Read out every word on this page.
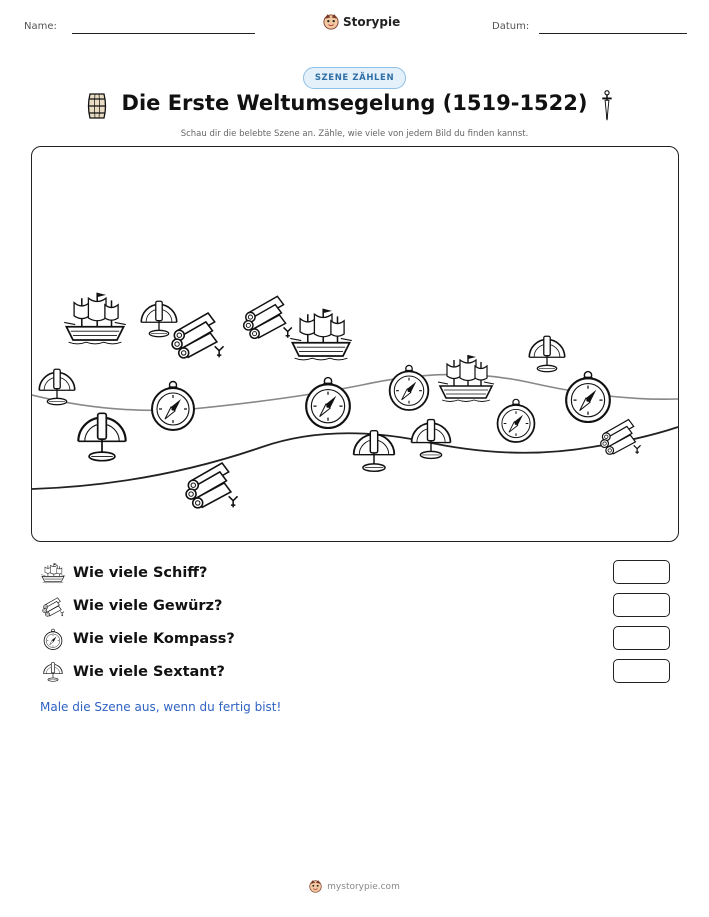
Name:	Storypie	Datum:
SZENE ZÄHLEN
Die Erste Weltumsegelung (1519-1522)
Schau dir die belebte Szene an. Zähle, wie viele von jedem Bild du finden kannst.
Wie viele Schiff?
Wie viele Gewürz?
Wie viele Kompass?
Wie viele Sextant?
Male die Szene aus, wenn du fertig bist!
mystorypie.com
